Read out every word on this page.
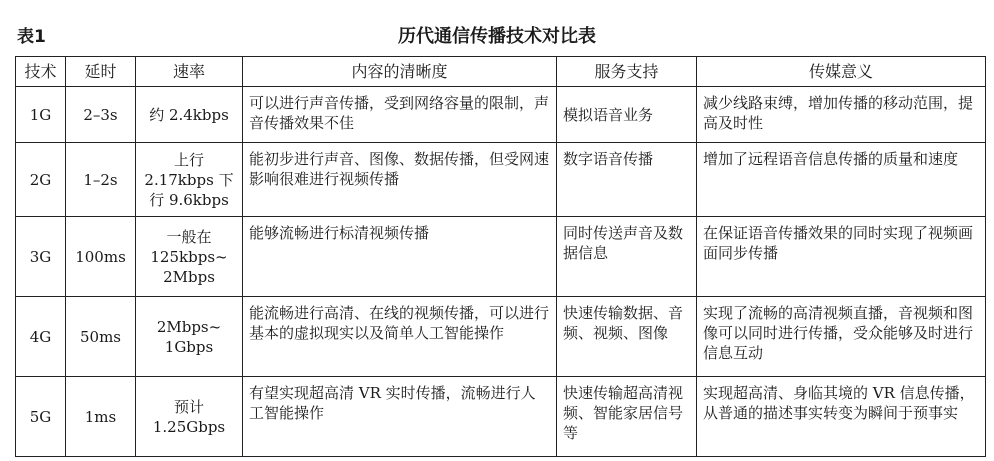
表1	历代通信传播技术对比表
技术	延时	速率	内容的清晰度	服务支持	传媒意义
1G	2–3s	约 2.4kbps	可以进行声音传播，受到网络容量的限制，声音传播效果不佳	模拟语音业务	减少线路束缚，增加传播的移动范围，提高及时性
2G	1–2s	上行 2.17kbps 下行 9.6kbps	能初步进行声音、图像、数据传播，但受网速影响很难进行视频传播	数字语音传播	增加了远程语音信息传播的质量和速度
3G	100ms	一般在 125kbps~ 2Mbps	能够流畅进行标清视频传播	同时传送声音及数据信息	在保证语音传播效果的同时实现了视频画面同步传播
4G	50ms	2Mbps~ 1Gbps	能流畅进行高清、在线的视频传播，可以进行基本的虚拟现实以及简单人工智能操作	快速传输数据、音频、视频、图像	实现了流畅的高清视频直播，音视频和图像可以同时进行传播，受众能够及时进行信息互动
5G	1ms	预计 1.25Gbps	有望实现超高清 VR 实时传播，流畅进行人工智能操作	快速传输超高清视频、智能家居信号等	实现超高清、身临其境的 VR 信息传播，从普通的描述事实转变为瞬间于预事实
